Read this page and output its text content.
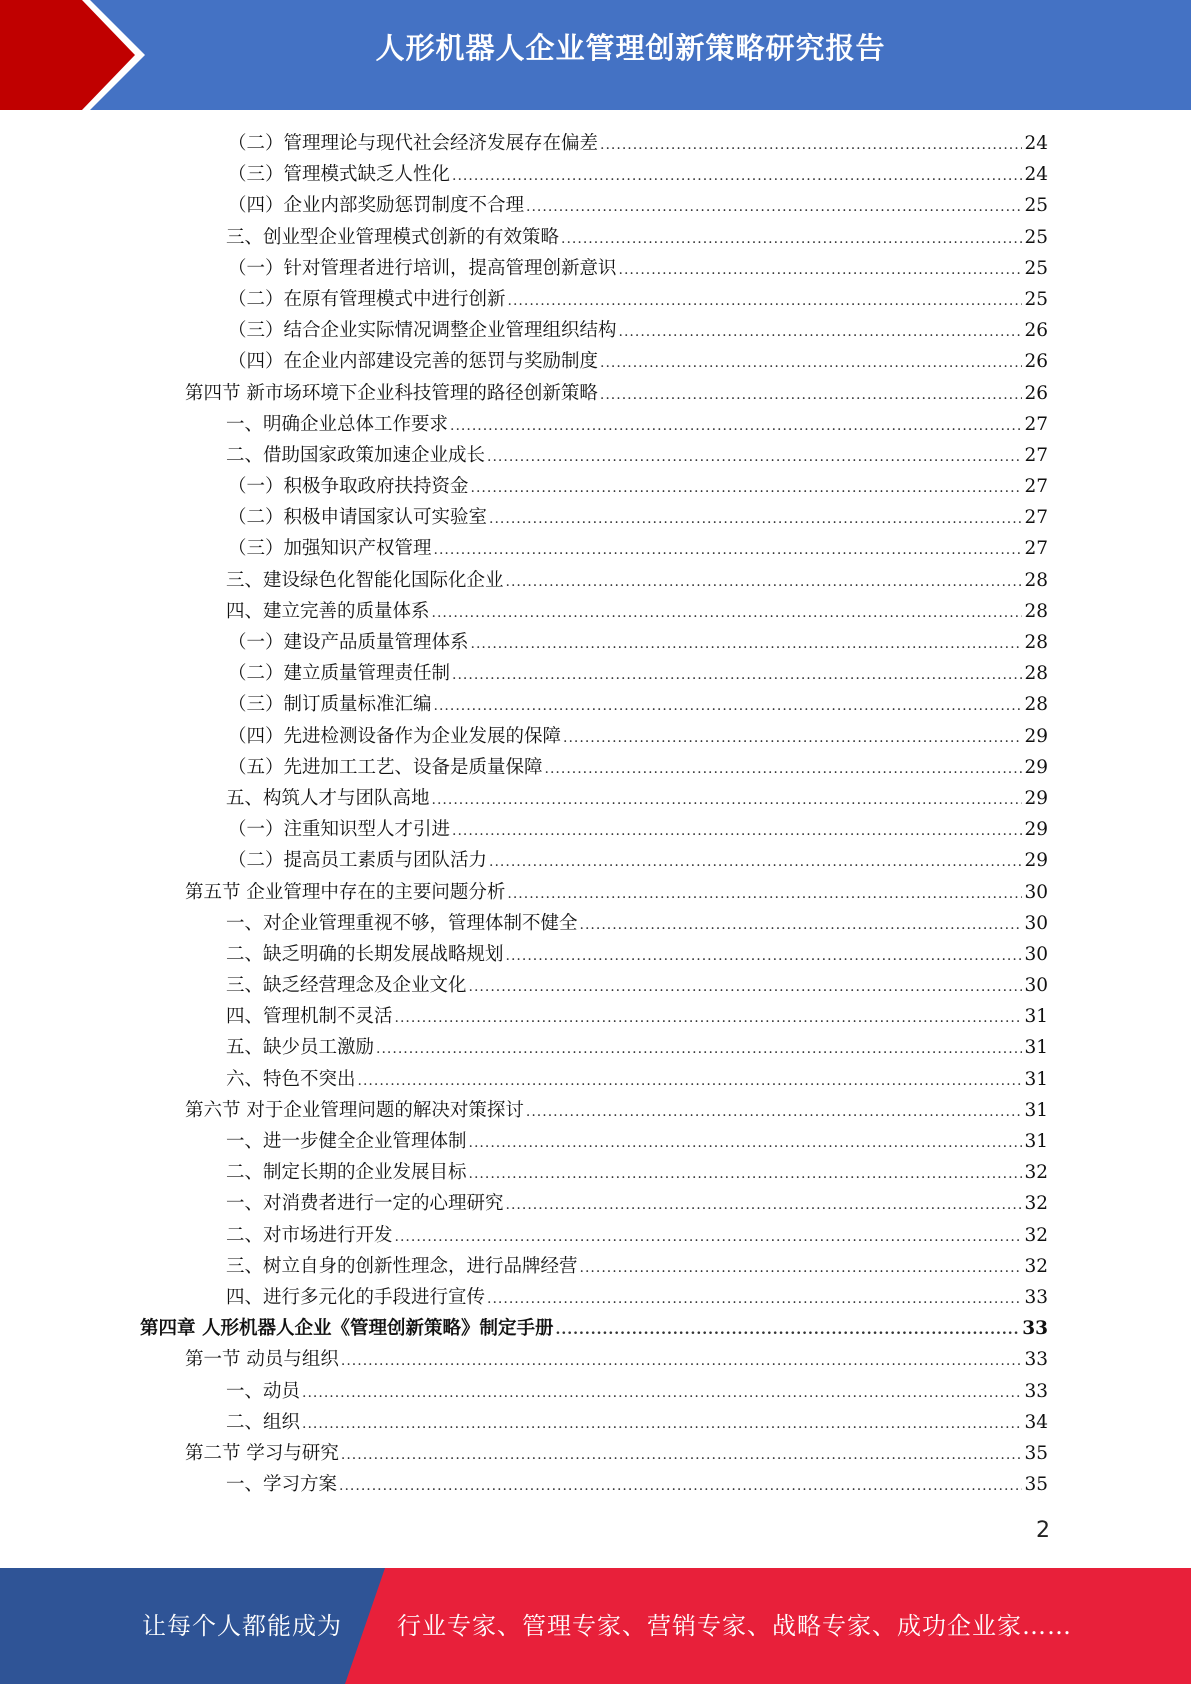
人形机器人企业管理创新策略研究报告
（二）管理理论与现代社会经济发展存在偏差 .....	24
（三）管理模式缺乏人性化 .....	24
（四）企业内部奖励惩罚制度不合理 .....	25
三、创业型企业管理模式创新的有效策略 .....	25
（一）针对管理者进行培训，提高管理创新意识 .....	25
（二）在原有管理模式中进行创新 .....	25
（三）结合企业实际情况调整企业管理组织结构 .....	26
（四）在企业内部建设完善的惩罚与奖励制度 .....	26
第四节 新市场环境下企业科技管理的路径创新策略 .....	26
一、明确企业总体工作要求 .....	27
二、借助国家政策加速企业成长 .....	27
（一）积极争取政府扶持资金 .....	27
（二）积极申请国家认可实验室 .....	27
（三）加强知识产权管理 .....	27
三、建设绿色化智能化国际化企业 .....	28
四、建立完善的质量体系 .....	28
（一）建设产品质量管理体系 .....	28
（二）建立质量管理责任制 .....	28
（三）制订质量标准汇编 .....	28
（四）先进检测设备作为企业发展的保障 .....	29
（五）先进加工工艺、设备是质量保障 .....	29
五、构筑人才与团队高地 .....	29
（一）注重知识型人才引进 .....	29
（二）提高员工素质与团队活力 .....	29
第五节 企业管理中存在的主要问题分析 .....	30
一、对企业管理重视不够，管理体制不健全 .....	30
二、缺乏明确的长期发展战略规划 .....	30
三、缺乏经营理念及企业文化 .....	30
四、管理机制不灵活 .....	31
五、缺少员工激励 .....	31
六、特色不突出 .....	31
第六节 对于企业管理问题的解决对策探讨 .....	31
一、进一步健全企业管理体制 .....	31
二、制定长期的企业发展目标 .....	32
一、对消费者进行一定的心理研究 .....	32
二、对市场进行开发 .....	32
三、树立自身的创新性理念，进行品牌经营 .....	32
四、进行多元化的手段进行宣传 .....	33
第四章 人形机器人企业《管理创新策略》制定手册 .....	33
第一节 动员与组织 .....	33
一、动员 .....	33
二、组织 .....	34
第二节 学习与研究 .....	35
一、学习方案 .....	35
2
让每个人都能成为 行业专家、管理专家、营销专家、战略专家、成功企业家……
